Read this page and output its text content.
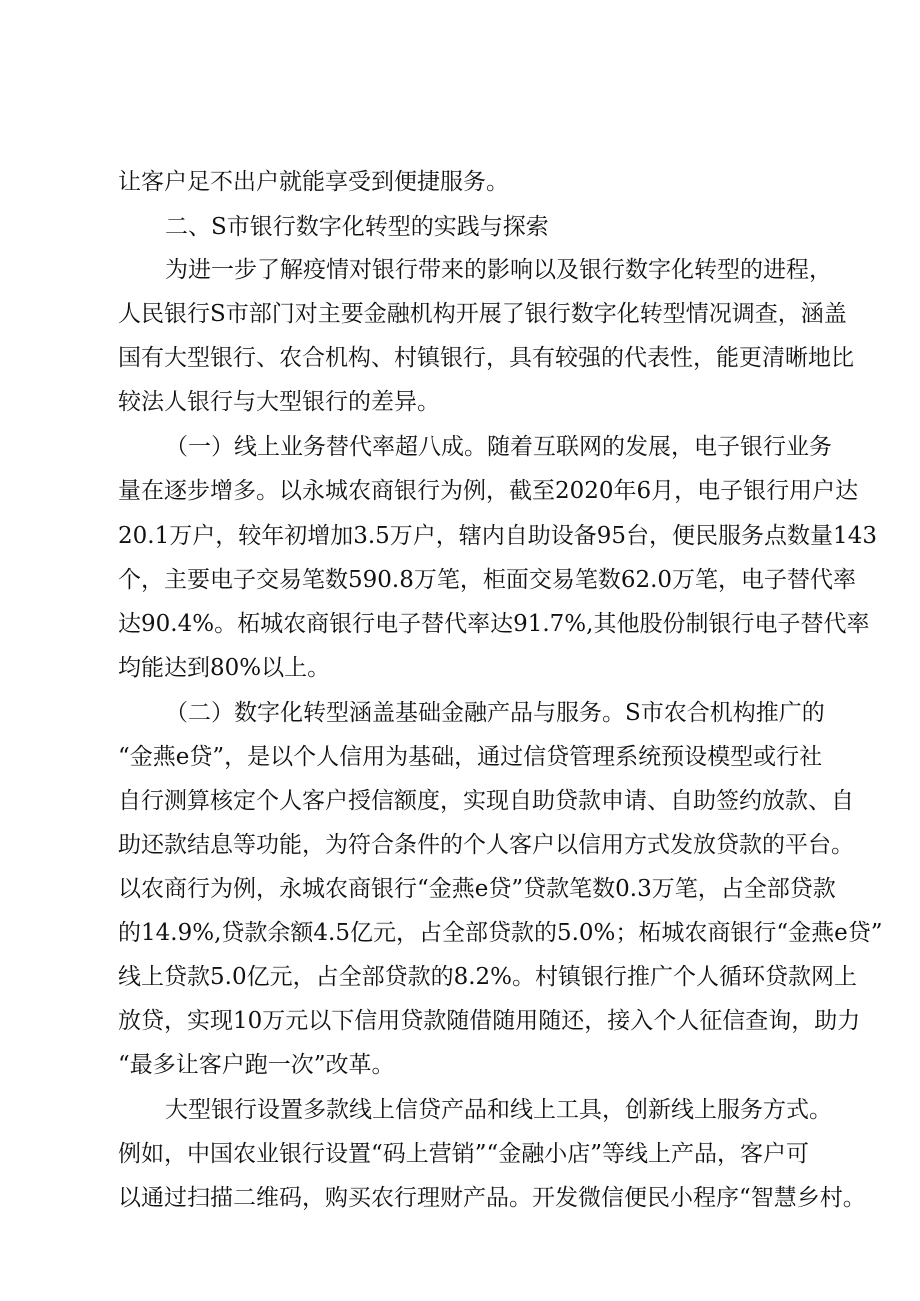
让客户足不出户就能享受到便捷服务。
二、S市银行数字化转型的实践与探索
为进一步了解疫情对银行带来的影响以及银行数字化转型的进程，
人民银行S市部门对主要金融机构开展了银行数字化转型情况调查，涵盖
国有大型银行、农合机构、村镇银行，具有较强的代表性，能更清晰地比
较法人银行与大型银行的差异。
（一）线上业务替代率超八成。随着互联网的发展，电子银行业务
量在逐步增多。以永城农商银行为例，截至2020年6月，电子银行用户达
20.1万户，较年初增加3.5万户，辖内自助设备95台，便民服务点数量143
个，主要电子交易笔数590.8万笔，柜面交易笔数62.0万笔，电子替代率
达90.4%。柘城农商银行电子替代率达91.7%,其他股份制银行电子替代率
均能达到80%以上。
（二）数字化转型涵盖基础金融产品与服务。S市农合机构推广的
“金燕e贷”，是以个人信用为基础，通过信贷管理系统预设模型或行社
自行测算核定个人客户授信额度，实现自助贷款申请、自助签约放款、自
助还款结息等功能，为符合条件的个人客户以信用方式发放贷款的平台。
以农商行为例，永城农商银行“金燕e贷”贷款笔数0.3万笔，占全部贷款
的14.9%,贷款余额4.5亿元，占全部贷款的5.0%；柘城农商银行“金燕e贷”
线上贷款5.0亿元，占全部贷款的8.2%。村镇银行推广个人循环贷款网上
放贷，实现10万元以下信用贷款随借随用随还，接入个人征信查询，助力
“最多让客户跑一次”改革。
大型银行设置多款线上信贷产品和线上工具，创新线上服务方式。
例如，中国农业银行设置“码上营销”“金融小店”等线上产品，客户可
以通过扫描二维码，购买农行理财产品。开发微信便民小程序“智慧乡村。
